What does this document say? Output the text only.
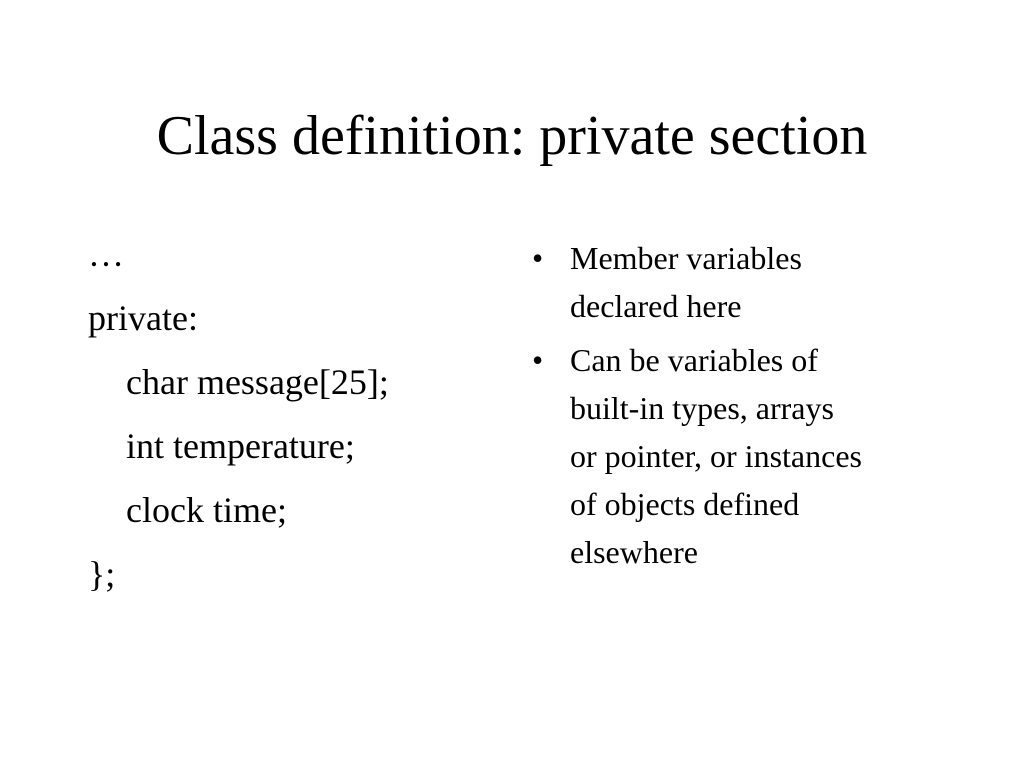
Class definition: private section
…
private:
char message[25];
int temperature;
clock time;
};
• Member variables
declared here
• Can be variables of
built-in types, arrays
or pointer, or instances
of objects defined
elsewhere
